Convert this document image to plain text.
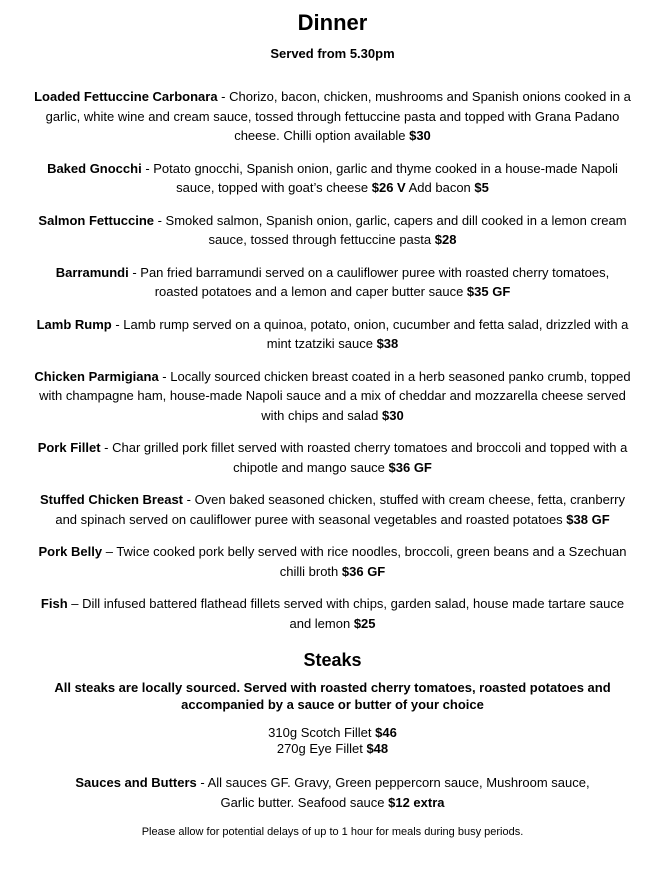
Dinner

Served from 5.30pm

Loaded Fettuccine Carbonara - Chorizo, bacon, chicken, mushrooms and Spanish onions cooked in a garlic, white wine and cream sauce, tossed through fettuccine pasta and topped with Grana Padano cheese. Chilli option available $30

Baked Gnocchi - Potato gnocchi, Spanish onion, garlic and thyme cooked in a house-made Napoli sauce, topped with goat’s cheese $26 V Add bacon $5

Salmon Fettuccine - Smoked salmon, Spanish onion, garlic, capers and dill cooked in a lemon cream sauce, tossed through fettuccine pasta $28

Barramundi - Pan fried barramundi served on a cauliflower puree with roasted cherry tomatoes, roasted potatoes and a lemon and caper butter sauce $35 GF

Lamb Rump - Lamb rump served on a quinoa, potato, onion, cucumber and fetta salad, drizzled with a mint tzatziki sauce $38

Chicken Parmigiana - Locally sourced chicken breast coated in a herb seasoned panko crumb, topped with champagne ham, house-made Napoli sauce and a mix of cheddar and mozzarella cheese served with chips and salad $30

Pork Fillet - Char grilled pork fillet served with roasted cherry tomatoes and broccoli and topped with a chipotle and mango sauce $36 GF

Stuffed Chicken Breast - Oven baked seasoned chicken, stuffed with cream cheese, fetta, cranberry and spinach served on cauliflower puree with seasonal vegetables and roasted potatoes $38 GF

Pork Belly – Twice cooked pork belly served with rice noodles, broccoli, green beans and a Szechuan chilli broth $36 GF

Fish – Dill infused battered flathead fillets served with chips, garden salad, house made tartare sauce and lemon $25

Steaks

All steaks are locally sourced. Served with roasted cherry tomatoes, roasted potatoes and accompanied by a sauce or butter of your choice

310g Scotch Fillet $46
270g Eye Fillet $48

Sauces and Butters - All sauces GF. Gravy, Green peppercorn sauce, Mushroom sauce, Garlic butter. Seafood sauce $12 extra

Please allow for potential delays of up to 1 hour for meals during busy periods.
